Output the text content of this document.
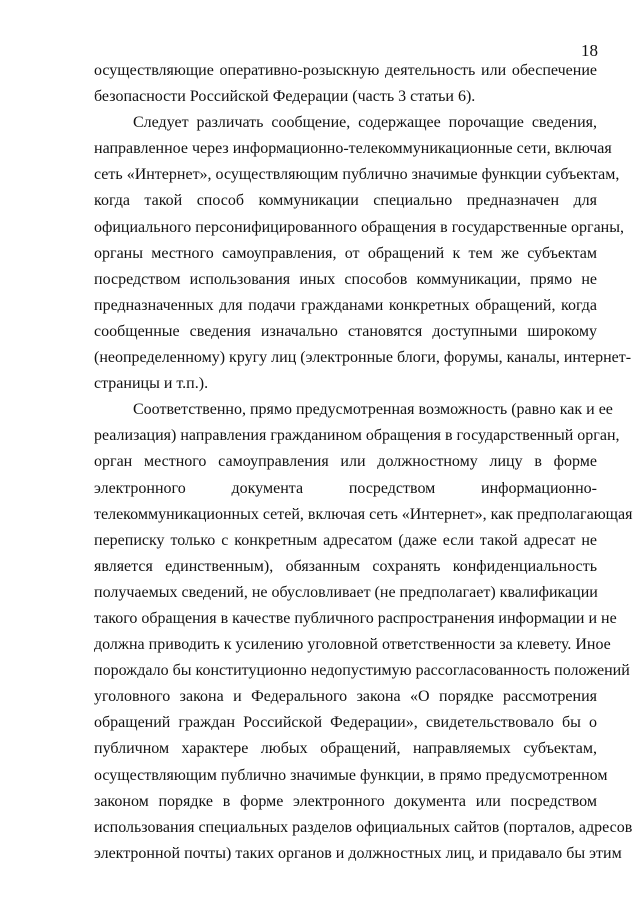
18
осуществляющие оперативно-розыскную деятельность или обеспечение
безопасности Российской Федерации (часть 3 статьи 6).
Следует различать сообщение, содержащее порочащие сведения,
направленное через информационно-телекоммуникационные сети, включая
сеть «Интернет», осуществляющим публично значимые функции субъектам,
когда такой способ коммуникации специально предназначен для
официального персонифицированного обращения в государственные органы,
органы местного самоуправления, от обращений к тем же субъектам
посредством использования иных способов коммуникации, прямо не
предназначенных для подачи гражданами конкретных обращений, когда
сообщенные сведения изначально становятся доступными широкому
(неопределенному) кругу лиц (электронные блоги, форумы, каналы, интернет-
страницы и т.п.).
Соответственно, прямо предусмотренная возможность (равно как и ее
реализация) направления гражданином обращения в государственный орган,
орган местного самоуправления или должностному лицу в форме
электронного документа посредством информационно-
телекоммуникационных сетей, включая сеть «Интернет», как предполагающая
переписку только с конкретным адресатом (даже если такой адресат не
является единственным), обязанным сохранять конфиденциальность
получаемых сведений, не обусловливает (не предполагает) квалификации
такого обращения в качестве публичного распространения информации и не
должна приводить к усилению уголовной ответственности за клевету. Иное
порождало бы конституционно недопустимую рассогласованность положений
уголовного закона и Федерального закона «О порядке рассмотрения
обращений граждан Российской Федерации», свидетельствовало бы о
публичном характере любых обращений, направляемых субъектам,
осуществляющим публично значимые функции, в прямо предусмотренном
законом порядке в форме электронного документа или посредством
использования специальных разделов официальных сайтов (порталов, адресов
электронной почты) таких органов и должностных лиц, и придавало бы этим
